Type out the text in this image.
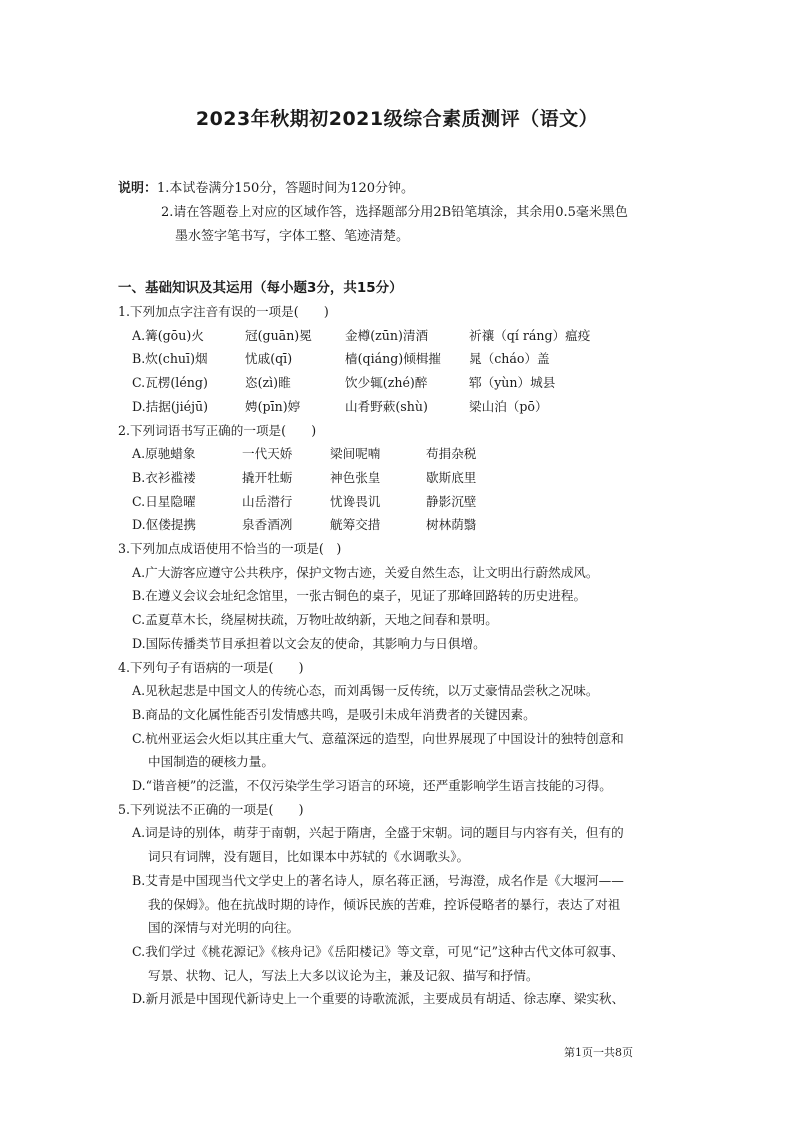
2023年秋期初2021级综合素质测评（语文）
说明：1.本试卷满分150分，答题时间为120分钟。
2.请在答题卷上对应的区域作答，选择题部分用2B铅笔填涂，其余用0.5毫米黑色
墨水签字笔书写，字体工整、笔迹清楚。
一、基础知识及其运用（每小题3分，共15分）
1.下列加点字注音有误的一项是(　　)
A.篝(gōu)火	冠(guān)冕	金樽(zūn)清酒	祈禳（qí ráng）瘟疫
B.炊(chuī)烟	忧戚(qī)	樯(qiáng)倾楫摧	晁（cháo）盖
C.瓦楞(léng)	恣(zì)睢	饮少辄(zhé)醉	郓（yùn）城县
D.拮据(jiéjū)	娉(pīn)婷	山肴野蔌(shù)	梁山泊（pō）
2.下列词语书写正确的一项是(　　)
A.原驰蜡象	一代天娇	梁间呢喃	苟捐杂税
B.衣衫褴褛	撬开牡蛎	神色张皇	歇斯底里
C.日星隐曜	山岳潜行	忧谗畏讥	静影沉壁
D.伛偻提携	泉香酒冽	觥筹交措	树林荫翳
3.下列加点成语使用不恰当的一项是(　)
A.广大游客应遵守公共秩序，保护文物古迹，关爱自然生态，让文明出行蔚然成风。
B.在遵义会议会址纪念馆里，一张古铜色的桌子，见证了那峰回路转的历史进程。
C.孟夏草木长，绕屋树扶疏，万物吐故纳新，天地之间春和景明。
D.国际传播类节目承担着以文会友的使命，其影响力与日俱增。
4.下列句子有语病的一项是(　　)
A.见秋起悲是中国文人的传统心态，而刘禹锡一反传统，以万丈豪情品尝秋之况味。
B.商品的文化属性能否引发情感共鸣，是吸引未成年消费者的关键因素。
C.杭州亚运会火炬以其庄重大气、意蕴深远的造型，向世界展现了中国设计的独特创意和
中国制造的硬核力量。
D.“谐音梗”的泛滥，不仅污染学生学习语言的环境，还严重影响学生语言技能的习得。
5.下列说法不正确的一项是(　　)
A.词是诗的别体，萌芽于南朝，兴起于隋唐，全盛于宋朝。词的题目与内容有关，但有的
词只有词牌，没有题目，比如课本中苏轼的《水调歌头》。
B.艾青是中国现当代文学史上的著名诗人，原名蒋正涵，号海澄，成名作是《大堰河——
我的保姆》。他在抗战时期的诗作，倾诉民族的苦难，控诉侵略者的暴行，表达了对祖
国的深情与对光明的向往。
C.我们学过《桃花源记》《核舟记》《岳阳楼记》等文章，可见“记”这种古代文体可叙事、
写景、状物、记人，写法上大多以议论为主，兼及记叙、描写和抒情。
D.新月派是中国现代新诗史上一个重要的诗歌流派，主要成员有胡适、徐志摩、梁实秋、
第1页一共8页
